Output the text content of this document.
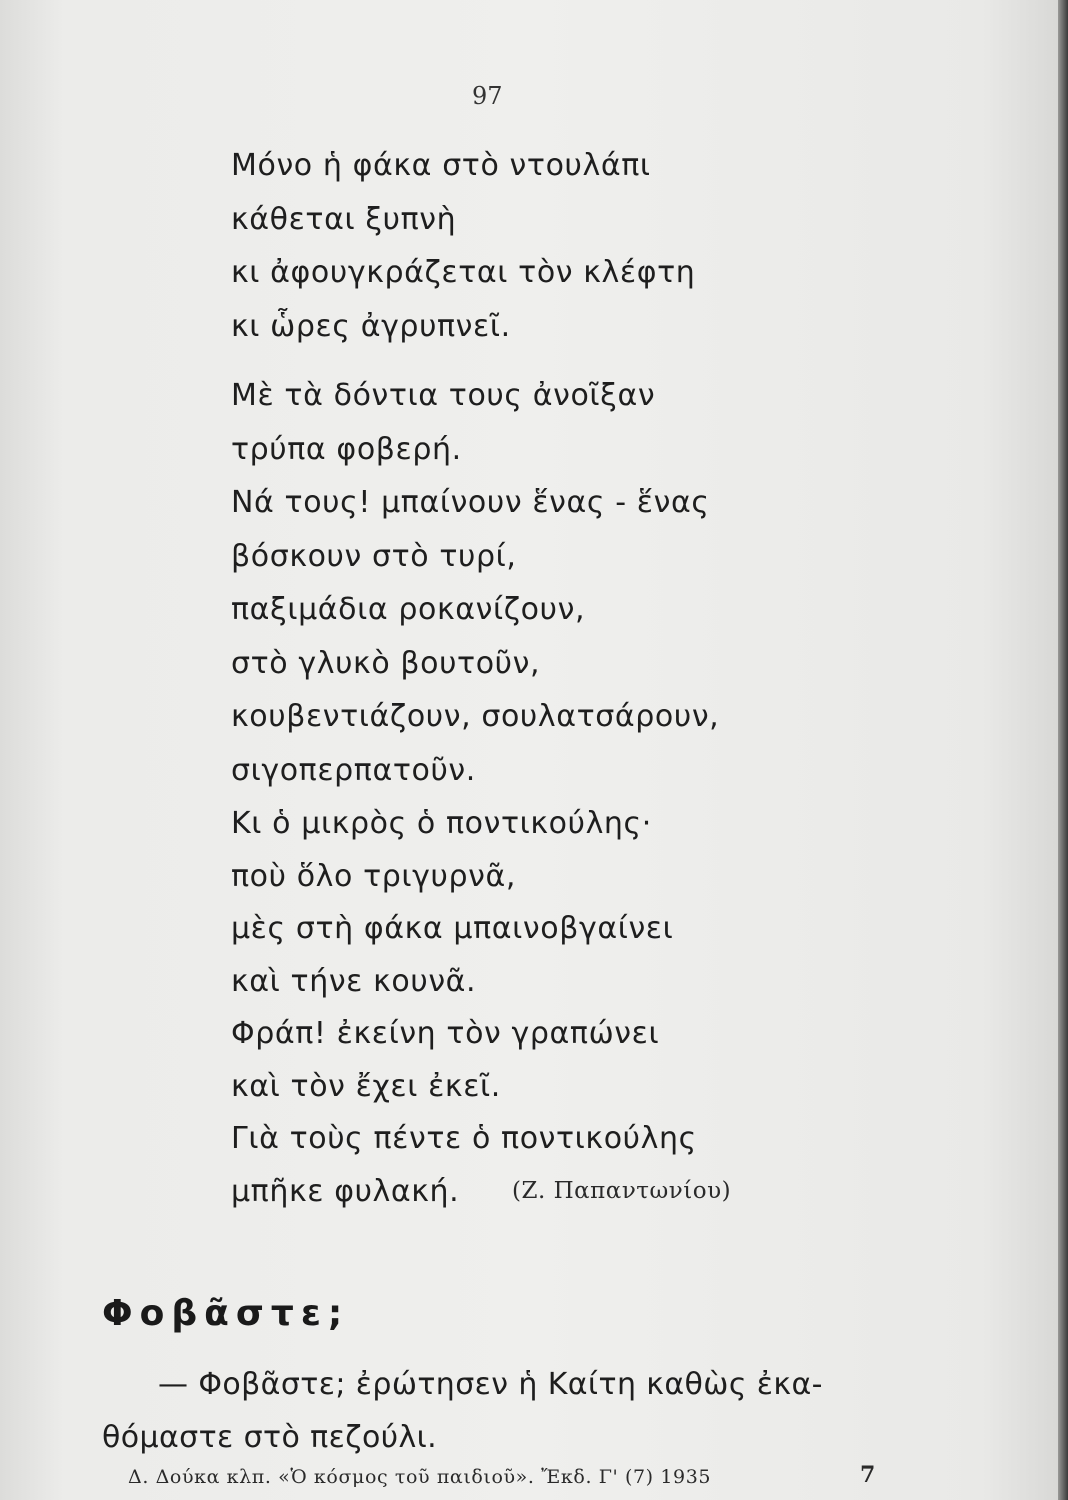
97
Μόνο ἡ φάκα στὸ ντουλάπι
κάθεται ξυπνὴ
κι ἀφουγκράζεται τὸν κλέφτη
κι ὧρες ἀγρυπνεῖ.
Μὲ τὰ δόντια τους ἀνοῖξαν
τρύπα φοβερή.
Νά τους! μπαίνουν ἕνας - ἕνας
βόσκουν στὸ τυρί,
παξιμάδια ροκανίζουν,
στὸ γλυκὸ βουτοῦν,
κουβεντιάζουν, σουλατσάρουν,
σιγοπερπατοῦν.
Κι ὁ μικρὸς ὁ ποντικούλης·
ποὺ ὅλο τριγυρνᾶ,
μὲς στὴ φάκα μπαινοβγαίνει
καὶ τήνε κουνᾶ.
Φράπ! ἐκείνη τὸν γραπώνει
καὶ τὸν ἔχει ἐκεῖ.
Γιὰ τοὺς πέντε ὁ ποντικούλης
μπῆκε φυλακή.	(Ζ. Παπαντωνίου)
Φοβᾶστε;
— Φοβᾶστε; ἐρώτησεν ἡ Καίτη καθὼς ἐκα-
θόμαστε στὸ πεζούλι.
Δ. Δούκα κλπ. «Ὁ κόσμος τοῦ παιδιοῦ». Ἔκδ. Γ' (7) 1935	7
